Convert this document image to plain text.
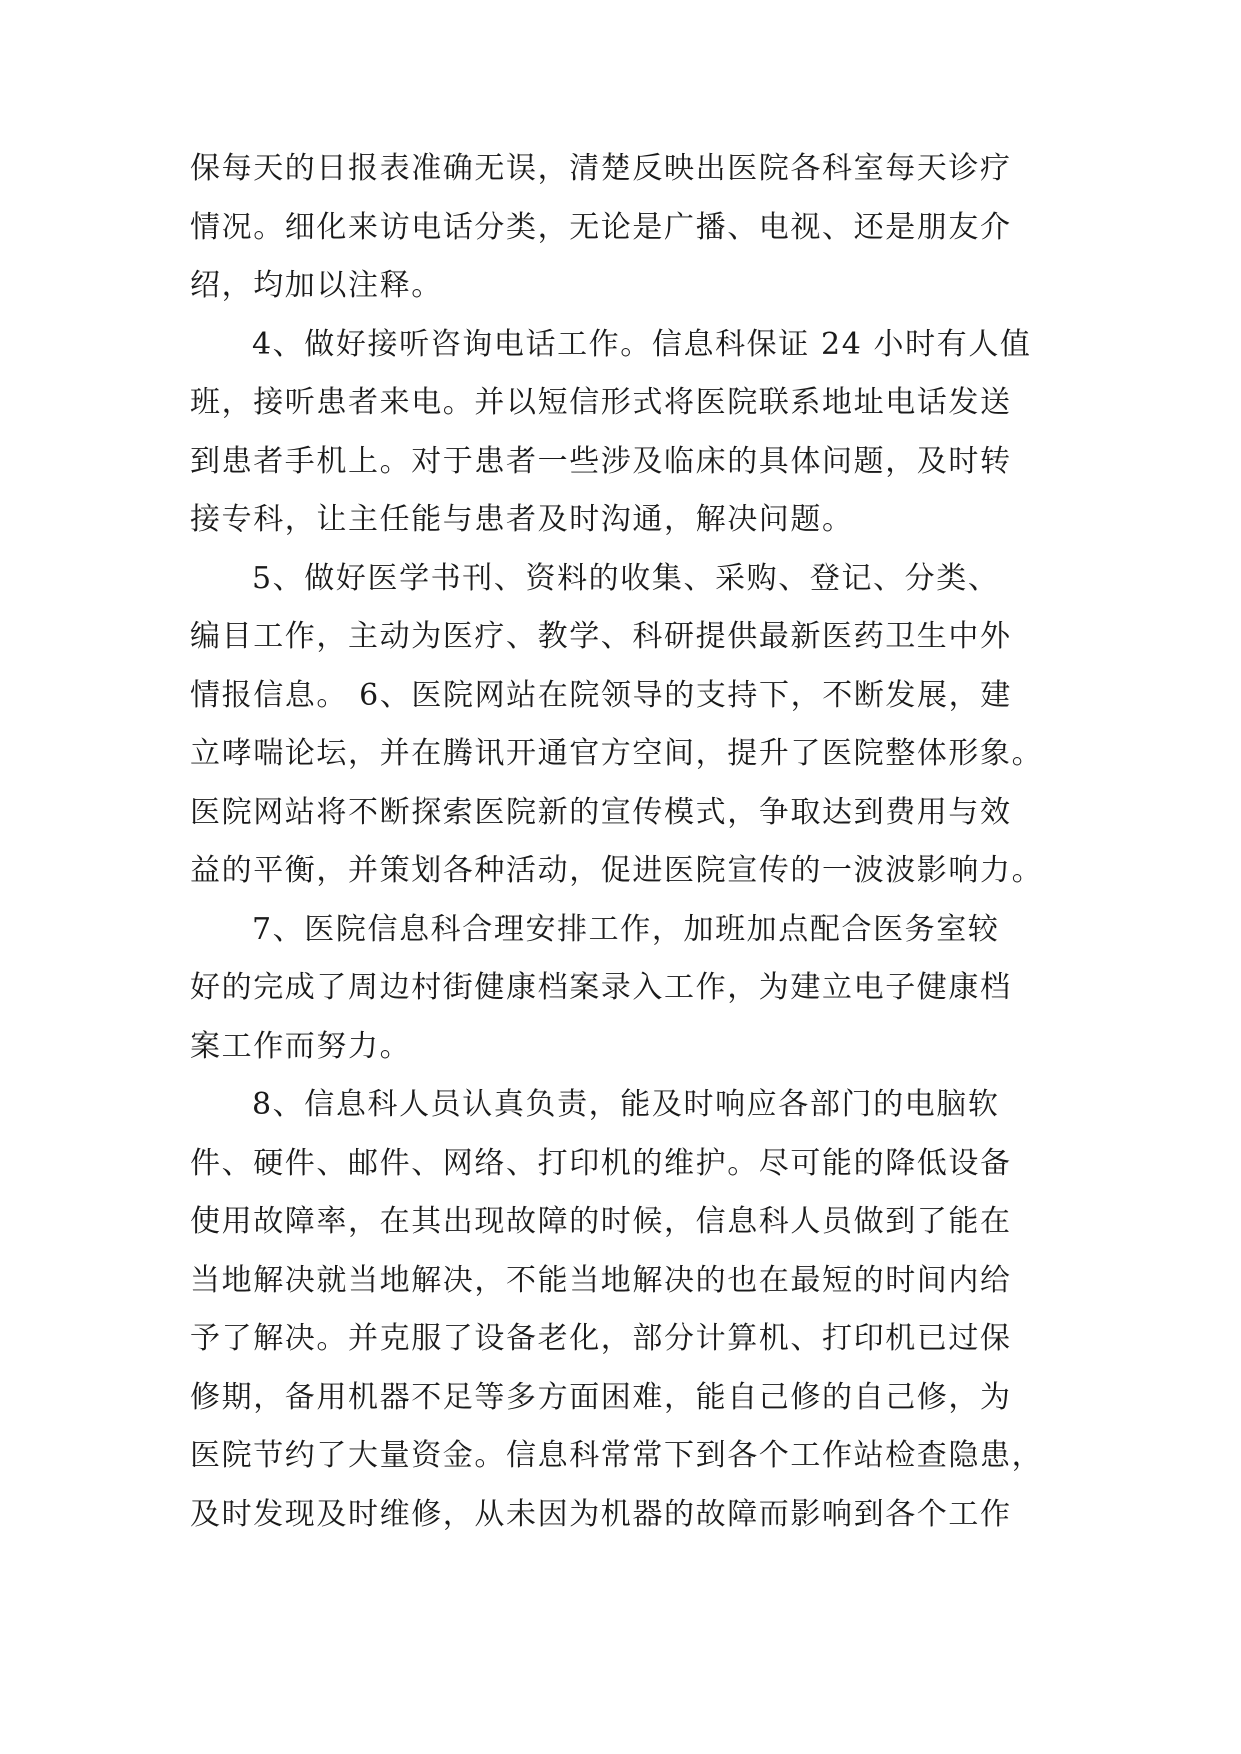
保每天的日报表准确无误，清楚反映出医院各科室每天诊疗
情况。细化来访电话分类，无论是广播、电视、还是朋友介
绍，均加以注释。
4、做好接听咨询电话工作。信息科保证 24 小时有人值
班，接听患者来电。并以短信形式将医院联系地址电话发送
到患者手机上。对于患者一些涉及临床的具体问题，及时转
接专科，让主任能与患者及时沟通，解决问题。
5、做好医学书刊、资料的收集、采购、登记、分类、
编目工作，主动为医疗、教学、科研提供最新医药卫生中外
情报信息。 6、医院网站在院领导的支持下，不断发展，建
立哮喘论坛，并在腾讯开通官方空间，提升了医院整体形象。
医院网站将不断探索医院新的宣传模式，争取达到费用与效
益的平衡，并策划各种活动，促进医院宣传的一波波影响力。
7、医院信息科合理安排工作，加班加点配合医务室较
好的完成了周边村街健康档案录入工作，为建立电子健康档
案工作而努力。
8、信息科人员认真负责，能及时响应各部门的电脑软
件、硬件、邮件、网络、打印机的维护。尽可能的降低设备
使用故障率，在其出现故障的时候，信息科人员做到了能在
当地解决就当地解决，不能当地解决的也在最短的时间内给
予了解决。并克服了设备老化，部分计算机、打印机已过保
修期，备用机器不足等多方面困难，能自己修的自己修，为
医院节约了大量资金。信息科常常下到各个工作站检查隐患，
及时发现及时维修，从未因为机器的故障而影响到各个工作
